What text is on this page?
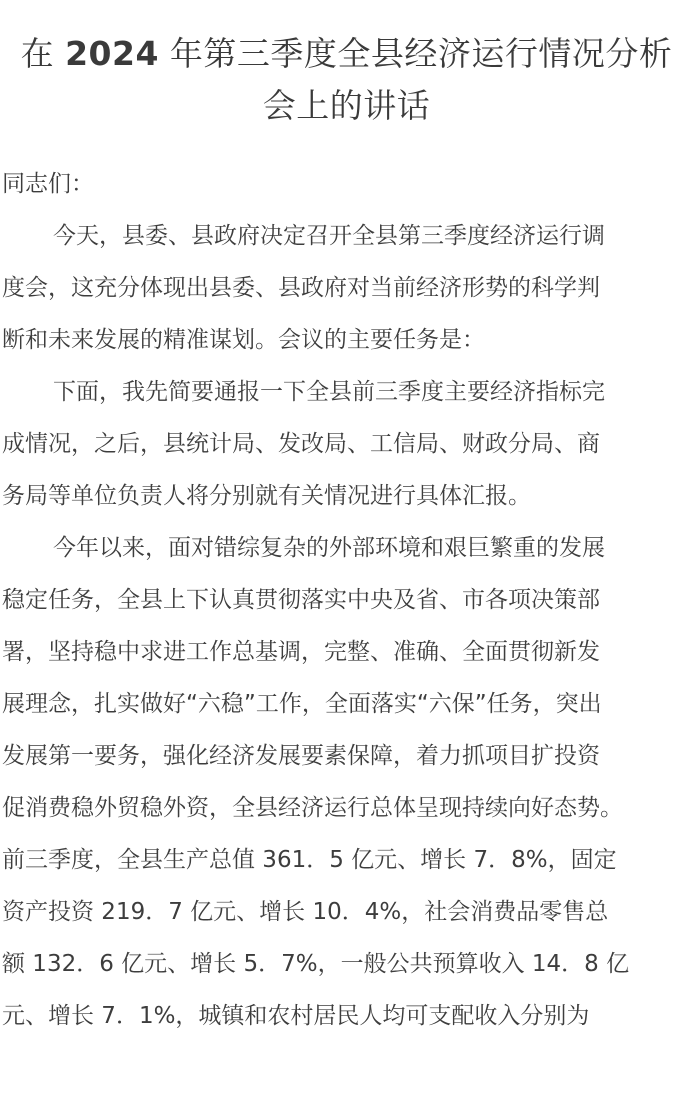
在 2024 年第三季度全县经济运行情况分析
会上的讲话
同志们：
今天，县委、县政府决定召开全县第三季度经济运行调
度会，这充分体现出县委、县政府对当前经济形势的科学判
断和未来发展的精准谋划。会议的主要任务是：
下面，我先简要通报一下全县前三季度主要经济指标完
成情况，之后，县统计局、发改局、工信局、财政分局、商
务局等单位负责人将分别就有关情况进行具体汇报。
今年以来，面对错综复杂的外部环境和艰巨繁重的发展
稳定任务，全县上下认真贯彻落实中央及省、市各项决策部
署，坚持稳中求进工作总基调，完整、准确、全面贯彻新发
展理念，扎实做好“六稳”工作，全面落实“六保”任务，突出
发展第一要务，强化经济发展要素保障，着力抓项目扩投资
促消费稳外贸稳外资，全县经济运行总体呈现持续向好态势。
前三季度，全县生产总值 361．5 亿元、增长 7．8%，固定
资产投资 219．7 亿元、增长 10．4%，社会消费品零售总
额 132．6 亿元、增长 5．7%，一般公共预算收入 14．8 亿
元、增长 7．1%，城镇和农村居民人均可支配收入分别为
